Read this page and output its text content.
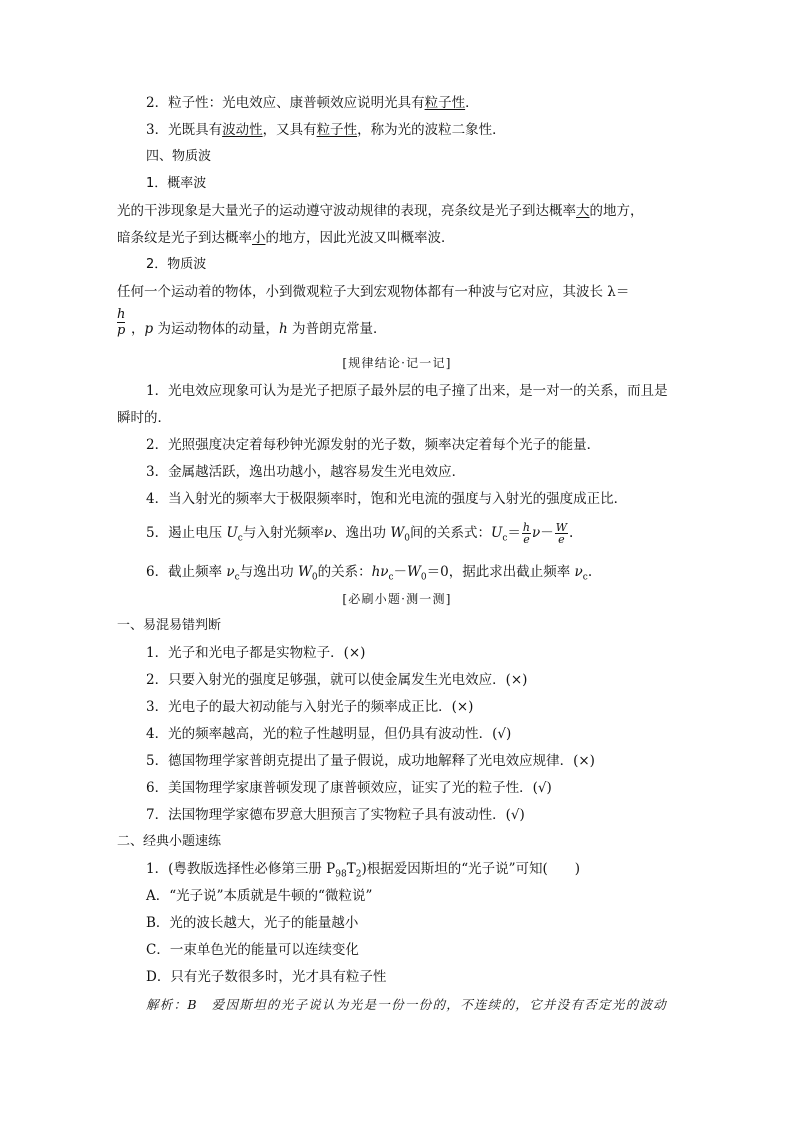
2．粒子性：光电效应、康普顿效应说明光具有粒子性．
3．光既具有波动性，又具有粒子性，称为光的波粒二象性．
四、物质波
1．概率波
光的干涉现象是大量光子的运动遵守波动规律的表现，亮条纹是光子到达概率大的地方，
暗条纹是光子到达概率小的地方，因此光波又叫概率波．
2．物质波
任何一个运动着的物体，小到微观粒子大到宏观物体都有一种波与它对应，其波长 λ＝
h
p ，p 为运动物体的动量，h 为普朗克常量．
[规律结论·记一记]
1．光电效应现象可认为是光子把原子最外层的电子撞了出来，是一对一的关系，而且是
瞬时的．
2．光照强度决定着每秒钟光源发射的光子数，频率决定着每个光子的能量．
3．金属越活跃，逸出功越小，越容易发生光电效应．
4．当入射光的频率大于极限频率时，饱和光电流的强度与入射光的强度成正比．
5．遏止电压 $U_c$与入射光频率ν、逸出功 $W_0$间的关系式：$U_c= \frac{h}{e} \nu- \frac{W}{e}$ .
6．截止频率 $\nu_c$与逸出功 $W_0$的关系：$h\nu_c-W_0=0$，据此求出截止频率 $\nu_c$.
[必刷小题·测一测]
一、易混易错判断
1．光子和光电子都是实物粒子．(×)
2．只要入射光的强度足够强，就可以使金属发生光电效应．(×)
3．光电子的最大初动能与入射光子的频率成正比．(×)
4．光的频率越高，光的粒子性越明显，但仍具有波动性．(√)
5．德国物理学家普朗克提出了量子假说，成功地解释了光电效应规律．(×)
6．美国物理学家康普顿发现了康普顿效应，证实了光的粒子性．(√)
7．法国物理学家德布罗意大胆预言了实物粒子具有波动性．(√)
二、经典小题速练
1．(粤教版选择性必修第三册 $P_{98}T_2$)根据爱因斯坦的“光子说”可知(　　)
A．“光子说”本质就是牛顿的“微粒说”
B．光的波长越大，光子的能量越小
C．一束单色光的能量可以连续变化
D．只有光子数很多时，光才具有粒子性
解析：B　爱因斯坦的光子说认为光是一份一份的，不连续的，它并没有否定光的波动
